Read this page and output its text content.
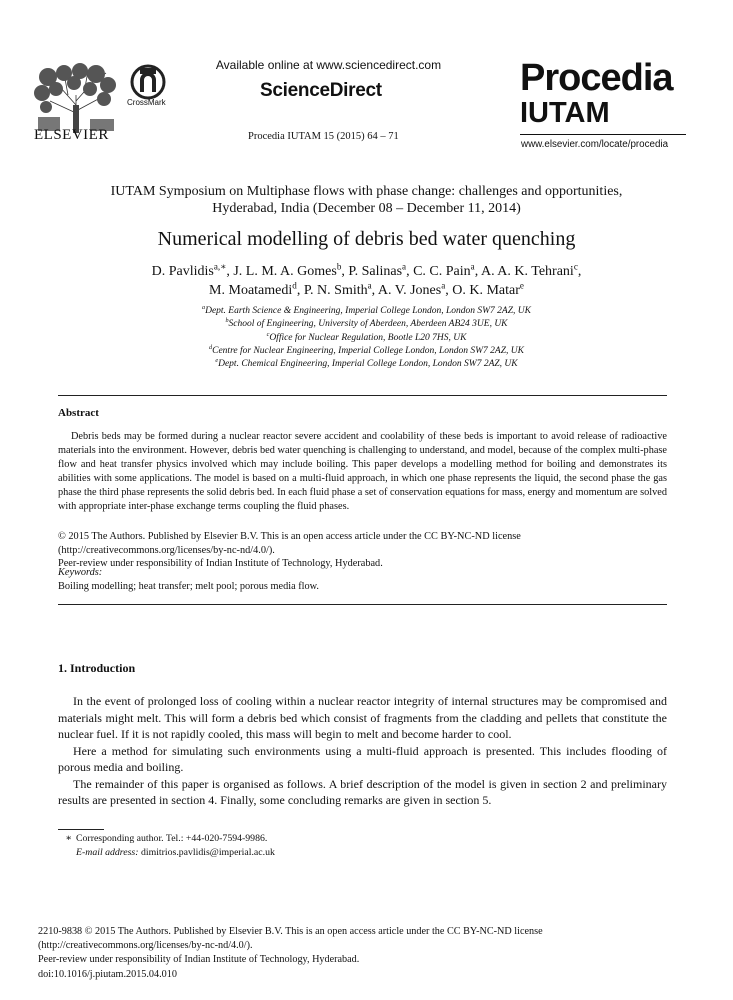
ELSEVIER
CrossMark
Available online at www.sciencedirect.com
ScienceDirect
Procedia IUTAM 15 (2015) 64 – 71
Procedia
IUTAM
www.elsevier.com/locate/procedia
IUTAM Symposium on Multiphase flows with phase change: challenges and opportunities,
Hyderabad, India (December 08 – December 11, 2014)
Numerical modelling of debris bed water quenching
D. Pavlidis$^{a,∗}$, J. L. M. A. Gomes$^b$, P. Salinas$^a$, C. C. Pain$^a$, A. A. K. Tehrani$^c$,
M. Moatamedi$^d$, P. N. Smith$^a$, A. V. Jones$^a$, O. K. Matar$^e$
$^a$Dept. Earth Science & Engineering, Imperial College London, London SW7 2AZ, UK
$^b$School of Engineering, University of Aberdeen, Aberdeen AB24 3UE, UK
$^c$Office for Nuclear Regulation, Bootle L20 7HS, UK
$^d$Centre for Nuclear Engineering, Imperial College London, London SW7 2AZ, UK
$^e$Dept. Chemical Engineering, Imperial College London, London SW7 2AZ, UK
Abstract
Debris beds may be formed during a nuclear reactor severe accident and coolability of these beds is important to avoid release of radioactive materials into the environment. However, debris bed water quenching is challenging to understand, and model, because of the complex multi-phase flow and heat transfer physics involved which may include boiling. This paper develops a modelling method for boiling and demonstrates its abilities with some applications. The model is based on a multi-fluid approach, in which one phase represents the liquid, the second phase the gas phase the third phase represents the solid debris bed. In each fluid phase a set of conservation equations for mass, energy and momentum are solved with appropriate inter-phase exchange terms coupling the fluid phases.
© 2015 The Authors. Published by Elsevier B.V. This is an open access article under the CC BY-NC-ND license
(http://creativecommons.org/licenses/by-nc-nd/4.0/).
Peer-review under responsibility of Indian Institute of Technology, Hyderabad.
Keywords:
Boiling modelling; heat transfer; melt pool; porous media flow.
1. Introduction

In the event of prolonged loss of cooling within a nuclear reactor integrity of internal structures may be compromised and materials might melt. This will form a debris bed which consist of fragments from the cladding and pellets that constitute the nuclear fuel. If it is not rapidly cooled, this mass will begin to melt and become harder to cool.

Here a method for simulating such environments using a multi-fluid approach is presented. This includes flooding of porous media and boiling.

The remainder of this paper is organised as follows. A brief description of the model is given in section 2 and preliminary results are presented in section 4. Finally, some concluding remarks are given in section 5.

∗ Corresponding author. Tel.: +44-020-7594-9986.
E-mail address: dimitrios.pavlidis@imperial.ac.uk
2210-9838 © 2015 The Authors. Published by Elsevier B.V. This is an open access article under the CC BY-NC-ND license
(http://creativecommons.org/licenses/by-nc-nd/4.0/).
Peer-review under responsibility of Indian Institute of Technology, Hyderabad.
doi:10.1016/j.piutam.2015.04.010
